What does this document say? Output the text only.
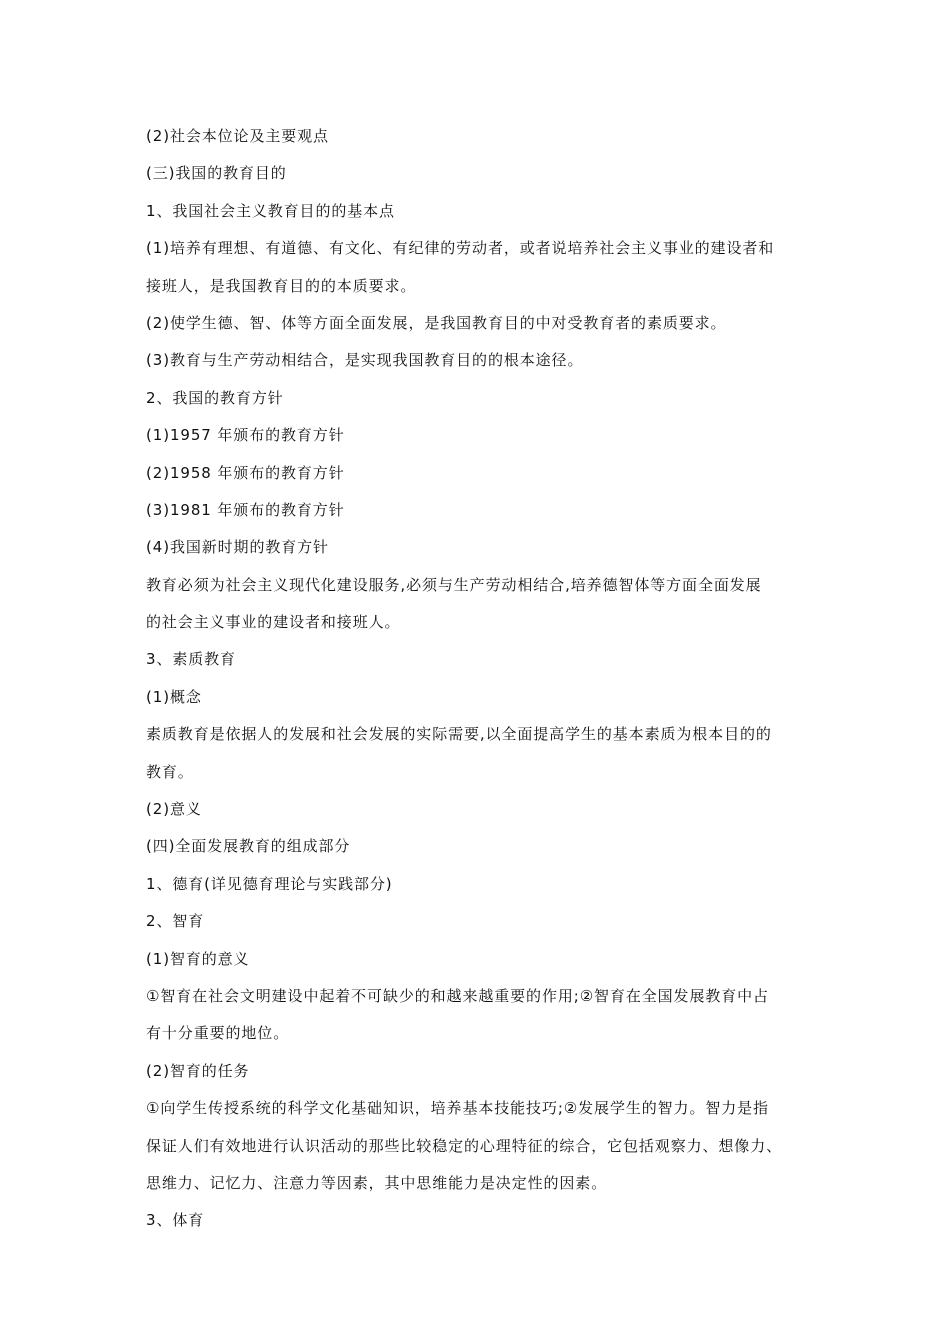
(2)社会本位论及主要观点
(三)我国的教育目的
1、我国社会主义教育目的的基本点
(1)培养有理想、有道德、有文化、有纪律的劳动者，或者说培养社会主义事业的建设者和
接班人，是我国教育目的的本质要求。
(2)使学生德、智、体等方面全面发展，是我国教育目的中对受教育者的素质要求。
(3)教育与生产劳动相结合，是实现我国教育目的的根本途径。
2、我国的教育方针
(1)1957 年颁布的教育方针
(2)1958 年颁布的教育方针
(3)1981 年颁布的教育方针
(4)我国新时期的教育方针
教育必须为社会主义现代化建设服务,必须与生产劳动相结合,培养德智体等方面全面发展
的社会主义事业的建设者和接班人。
3、素质教育
(1)概念
素质教育是依据人的发展和社会发展的实际需要,以全面提高学生的基本素质为根本目的的
教育。
(2)意义
(四)全面发展教育的组成部分
1、德育(详见德育理论与实践部分)
2、智育
(1)智育的意义
①智育在社会文明建设中起着不可缺少的和越来越重要的作用;②智育在全国发展教育中占
有十分重要的地位。
(2)智育的任务
①向学生传授系统的科学文化基础知识，培养基本技能技巧;②发展学生的智力。智力是指
保证人们有效地进行认识活动的那些比较稳定的心理特征的综合，它包括观察力、想像力、
思维力、记忆力、注意力等因素，其中思维能力是决定性的因素。
3、体育
